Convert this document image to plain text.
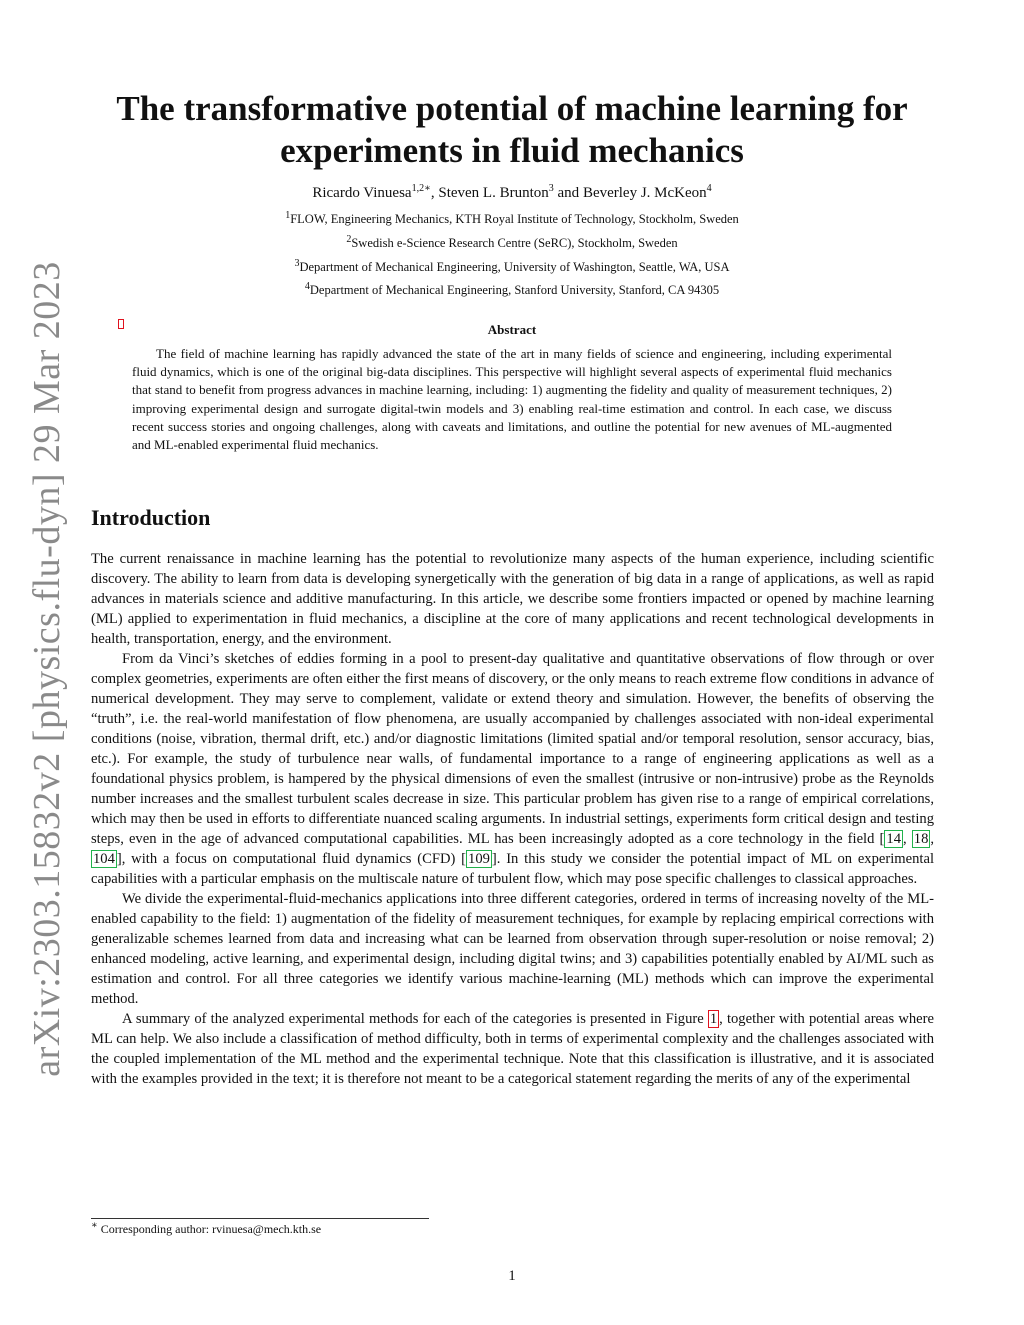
arXiv:2303.15832v2 [physics.flu-dyn] 29 Mar 2023
The transformative potential of machine learning for
experiments in fluid mechanics
Ricardo Vinuesa$^{1,2∗}$, Steven L. Brunton$^3$ and Beverley J. McKeon$^4$
$^1$FLOW, Engineering Mechanics, KTH Royal Institute of Technology, Stockholm, Sweden
$^2$Swedish e-Science Research Centre (SeRC), Stockholm, Sweden
$^3$Department of Mechanical Engineering, University of Washington, Seattle, WA, USA
$^4$Department of Mechanical Engineering, Stanford University, Stanford, CA 94305
Abstract

The field of machine learning has rapidly advanced the state of the art in many fields of science and engineering, including experimental fluid dynamics, which is one of the original big-data disciplines. This perspective will highlight several aspects of experimental fluid mechanics that stand to benefit from progress advances in machine learning, including: 1) augmenting the fidelity and quality of measurement techniques, 2) improving experimental design and surrogate digital-twin models and 3) enabling real-time estimation and control. In each case, we discuss recent success stories and ongoing challenges, along with caveats and limitations, and outline the potential for new avenues of ML-augmented and ML-enabled experimental fluid mechanics.

Introduction

The current renaissance in machine learning has the potential to revolutionize many aspects of the human experience, including scientific discovery. The ability to learn from data is developing synergetically with the generation of big data in a range of applications, as well as rapid advances in materials science and additive manufacturing. In this article, we describe some frontiers impacted or opened by machine learning (ML) applied to experimentation in fluid mechanics, a discipline at the core of many applications and recent technological developments in health, transportation, energy, and the environment.

From da Vinci’s sketches of eddies forming in a pool to present-day qualitative and quantitative observations of flow through or over complex geometries, experiments are often either the first means of discovery, or the only means to reach extreme flow conditions in advance of numerical development. They may serve to complement, validate or extend theory and simulation. However, the benefits of observing the “truth”, i.e. the real-world manifestation of flow phenomena, are usually accompanied by challenges associated with non-ideal experimental conditions (noise, vibration, thermal drift, etc.) and/or diagnostic limitations (limited spatial and/or temporal resolution, sensor accuracy, bias, etc.). For example, the study of turbulence near walls, of fundamental importance to a range of engineering applications as well as a foundational physics problem, is hampered by the physical dimensions of even the smallest (intrusive or non-intrusive) probe as the Reynolds number increases and the smallest turbulent scales decrease in size. This particular problem has given rise to a range of empirical correlations, which may then be used in efforts to differentiate nuanced scaling arguments. In industrial settings, experiments form critical design and testing steps, even in the age of advanced computational capabilities. ML has been increasingly adopted as a core technology in the field [ 14 , 18 , 104 ], with a focus on computational fluid dynamics (CFD) [ 109 ]. In this study we consider the potential impact of ML on experimental capabilities with a particular emphasis on the multiscale nature of turbulent flow, which may pose specific challenges to classical approaches.

We divide the experimental-fluid-mechanics applications into three different categories, ordered in terms of increasing novelty of the ML-enabled capability to the field: 1) augmentation of the fidelity of measurement techniques, for example by replacing empirical corrections with generalizable schemes learned from data and increasing what can be learned from observation through super-resolution or noise removal; 2) enhanced modeling, active learning, and experimental design, including digital twins; and 3) capabilities potentially enabled by AI/ML such as estimation and control. For all three categories we identify various machine-learning (ML) methods which can improve the experimental method.

A summary of the analyzed experimental methods for each of the categories is presented in Figure 1 , together with potential areas where ML can help. We also include a classification of method difficulty, both in terms of experimental complexity and the challenges associated with the coupled implementation of the ML method and the experimental technique. Note that this classification is illustrative, and it is associated with the examples provided in the text; it is therefore not meant to be a categorical statement regarding the merits of any of the experimental

∗ Corresponding author: rvinuesa@mech.kth.se
1
